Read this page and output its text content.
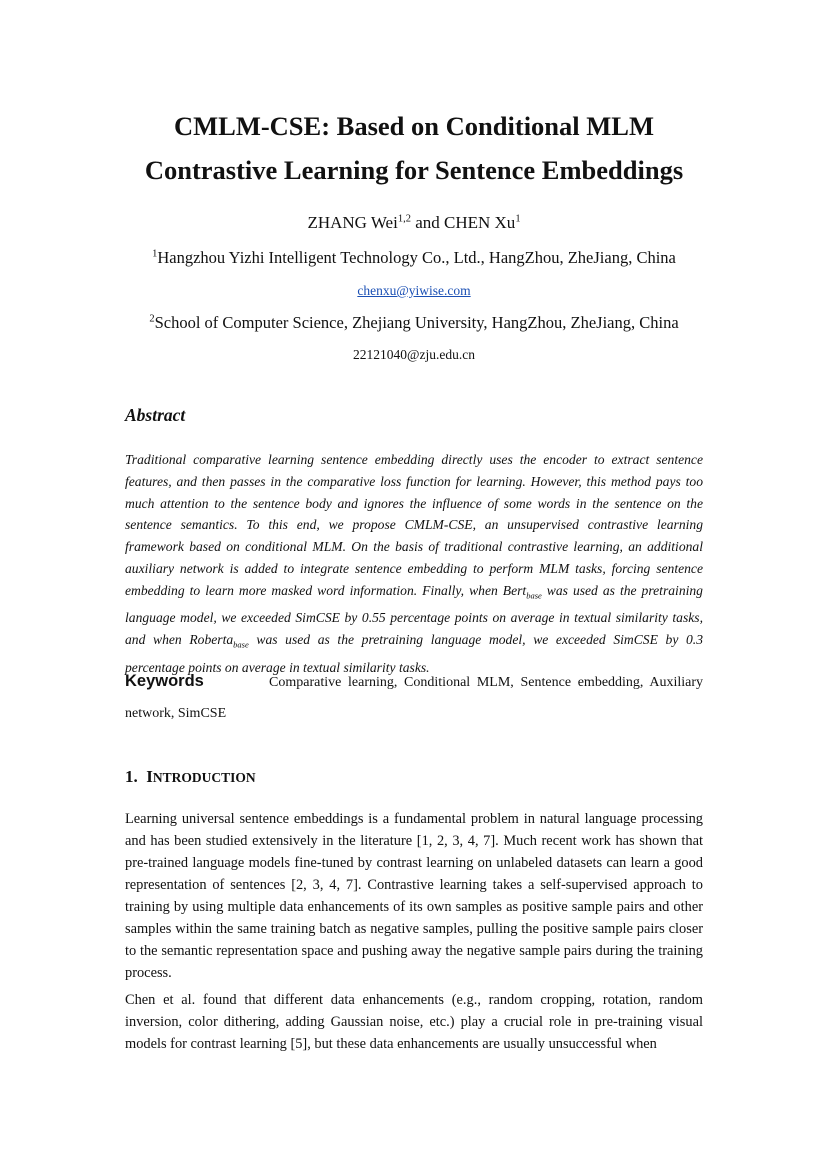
CMLM-CSE: Based on Conditional MLM
Contrastive Learning for Sentence Embeddings
ZHANG Wei$^{1,2}$ and CHEN Xu$^1$
$^1$Hangzhou Yizhi Intelligent Technology Co., Ltd., HangZhou, ZheJiang, China
chenxu@yiwise.com
$^2$School of Computer Science, Zhejiang University, HangZhou, ZheJiang, China
22121040@zju.edu.cn
Abstract
Traditional comparative learning sentence embedding directly uses the encoder to extract sentence features, and then passes in the comparative loss function for learning. However, this method pays too much attention to the sentence body and ignores the influence of some words in the sentence on the sentence semantics. To this end, we propose CMLM-CSE, an unsupervised contrastive learning framework based on conditional MLM. On the basis of traditional contrastive learning, an additional auxiliary network is added to integrate sentence embedding to perform MLM tasks, forcing sentence embedding to learn more masked word information. Finally, when Bert$_{base}$ was used as the pretraining language model, we exceeded SimCSE by 0.55 percentage points on average in textual similarity tasks, and when Roberta$_{base}$ was used as the pretraining language model, we exceeded SimCSE by 0.3 percentage points on average in textual similarity tasks.
Keywords	Comparative learning, Conditional MLM, Sentence embedding, Auxiliary
network, SimCSE
1. INTRODUCTION
Learning universal sentence embeddings is a fundamental problem in natural language processing and has been studied extensively in the literature [1, 2, 3, 4, 7]. Much recent work has shown that pre-trained language models fine-tuned by contrast learning on unlabeled datasets can learn a good representation of sentences [2, 3, 4, 7]. Contrastive learning takes a self-supervised approach to training by using multiple data enhancements of its own samples as positive sample pairs and other samples within the same training batch as negative samples, pulling the positive sample pairs closer to the semantic representation space and pushing away the negative sample pairs during the training process.
Chen et al. found that different data enhancements (e.g., random cropping, rotation, random inversion, color dithering, adding Gaussian noise, etc.) play a crucial role in pre-training visual models for contrast learning [5], but these data enhancements are usually unsuccessful when
